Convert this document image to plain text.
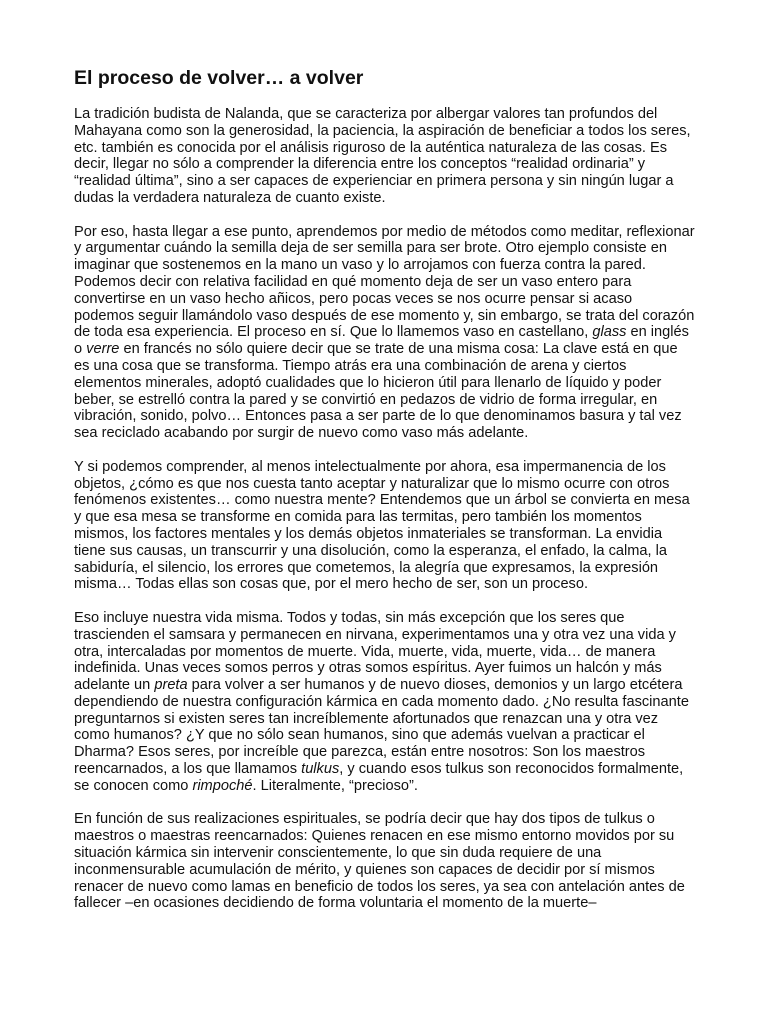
El proceso de volver… a volver

La tradición budista de Nalanda, que se caracteriza por albergar valores tan profundos del Mahayana como son la generosidad, la paciencia, la aspiración de beneficiar a todos los seres, etc. también es conocida por el análisis riguroso de la auténtica naturaleza de las cosas. Es decir, llegar no sólo a comprender la diferencia entre los conceptos “realidad ordinaria” y “realidad última”, sino a ser capaces de experienciar en primera persona y sin ningún lugar a dudas la verdadera naturaleza de cuanto existe.

Por eso, hasta llegar a ese punto, aprendemos por medio de métodos como meditar, reflexionar y argumentar cuándo la semilla deja de ser semilla para ser brote. Otro ejemplo consiste en imaginar que sostenemos en la mano un vaso y lo arrojamos con fuerza contra la pared. Podemos decir con relativa facilidad en qué momento deja de ser un vaso entero para convertirse en un vaso hecho añicos, pero pocas veces se nos ocurre pensar si acaso podemos seguir llamándolo vaso después de ese momento y, sin embargo, se trata del corazón de toda esa experiencia. El proceso en sí. Que lo llamemos vaso en castellano, glass en inglés o verre en francés no sólo quiere decir que se trate de una misma cosa: La clave está en que es una cosa que se transforma. Tiempo atrás era una combinación de arena y ciertos elementos minerales, adoptó cualidades que lo hicieron útil para llenarlo de líquido y poder beber, se estrelló contra la pared y se convirtió en pedazos de vidrio de forma irregular, en vibración, sonido, polvo… Entonces pasa a ser parte de lo que denominamos basura y tal vez sea reciclado acabando por surgir de nuevo como vaso más adelante.

Y si podemos comprender, al menos intelectualmente por ahora, esa impermanencia de los objetos, ¿cómo es que nos cuesta tanto aceptar y naturalizar que lo mismo ocurre con otros fenómenos existentes… como nuestra mente? Entendemos que un árbol se convierta en mesa y que esa mesa se transforme en comida para las termitas, pero también los momentos mismos, los factores mentales y los demás objetos inmateriales se transforman. La envidia tiene sus causas, un transcurrir y una disolución, como la esperanza, el enfado, la calma, la sabiduría, el silencio, los errores que cometemos, la alegría que expresamos, la expresión misma… Todas ellas son cosas que, por el mero hecho de ser, son un proceso.

Eso incluye nuestra vida misma. Todos y todas, sin más excepción que los seres que trascienden el samsara y permanecen en nirvana, experimentamos una y otra vez una vida y otra, intercaladas por momentos de muerte. Vida, muerte, vida, muerte, vida… de manera indefinida. Unas veces somos perros y otras somos espíritus. Ayer fuimos un halcón y más adelante un preta para volver a ser humanos y de nuevo dioses, demonios y un largo etcétera dependiendo de nuestra configuración kármica en cada momento dado. ¿No resulta fascinante preguntarnos si existen seres tan increíblemente afortunados que renazcan una y otra vez como humanos? ¿Y que no sólo sean humanos, sino que además vuelvan a practicar el Dharma? Esos seres, por increíble que parezca, están entre nosotros: Son los maestros reencarnados, a los que llamamos tulkus, y cuando esos tulkus son reconocidos formalmente, se conocen como rimpoché. Literalmente, “precioso”.

En función de sus realizaciones espirituales, se podría decir que hay dos tipos de tulkus o maestros o maestras reencarnados: Quienes renacen en ese mismo entorno movidos por su situación kármica sin intervenir conscientemente, lo que sin duda requiere de una inconmensurable acumulación de mérito, y quienes son capaces de decidir por sí mismos renacer de nuevo como lamas en beneficio de todos los seres, ya sea con antelación antes de fallecer –en ocasiones decidiendo de forma voluntaria el momento de la muerte–
